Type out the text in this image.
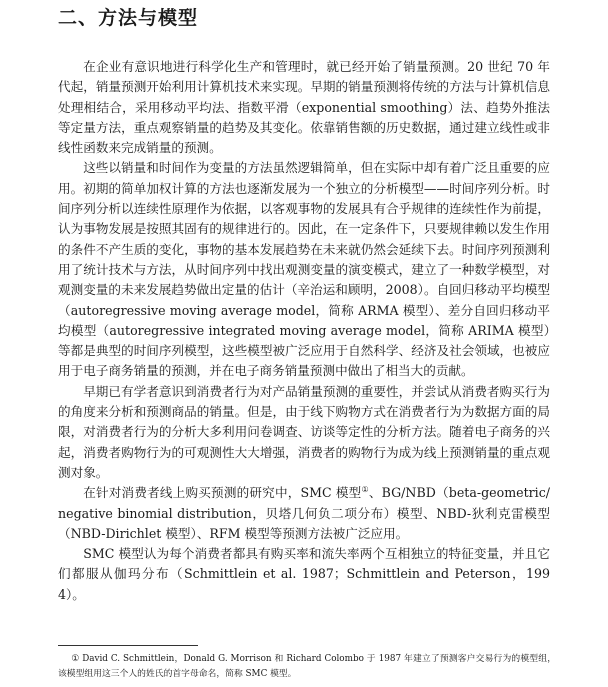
二、方法与模型

在企业有意识地进行科学化生产和管理时，就已经开始了销量预测。20 世纪 70 年代起，销量预测开始利用计算机技术来实现。早期的销量预测将传统的方法与计算机信息处理相结合，采用移动平均法、指数平滑（exponential smoothing）法、趋势外推法等定量方法，重点观察销量的趋势及其变化。依靠销售额的历史数据，通过建立线性或非线性函数来完成销量的预测。

这些以销量和时间作为变量的方法虽然逻辑简单，但在实际中却有着广泛且重要的应用。初期的简单加权计算的方法也逐渐发展为一个独立的分析模型——时间序列分析。时间序列分析以连续性原理作为依据，以客观事物的发展具有合乎规律的连续性作为前提，认为事物发展是按照其固有的规律进行的。因此，在一定条件下，只要规律赖以发生作用的条件不产生质的变化，事物的基本发展趋势在未来就仍然会延续下去。时间序列预测利用了统计技术与方法，从时间序列中找出观测变量的演变模式，建立了一种数学模型，对观测变量的未来发展趋势做出定量的估计（辛治运和顾明，2008）。自回归移动平均模型（autoregressive moving average model，简称 ARMA 模型）、差分自回归移动平均模型（autoregressive integrated moving average model，简称 ARIMA 模型）等都是典型的时间序列模型，这些模型被广泛应用于自然科学、经济及社会领域，也被应用于电子商务销量的预测，并在电子商务销量预测中做出了相当大的贡献。

早期已有学者意识到消费者行为对产品销量预测的重要性，并尝试从消费者购买行为的角度来分析和预测商品的销量。但是，由于线下购物方式在消费者行为为数据方面的局限，对消费者行为的分析大多利用问卷调查、访谈等定性的分析方法。随着电子商务的兴起，消费者购物行为的可观测性大大增强，消费者的购物行为成为线上预测销量的重点观测对象。

在针对消费者线上购买预测的研究中，SMC 模型①、BG/NBD（beta-geometric/negative binomial distribution，贝塔几何负二项分布）模型、NBD-狄利克雷模型（NBD-Dirichlet 模型）、RFM 模型等预测方法被广泛应用。

SMC 模型认为每个消费者都具有购买率和流失率两个互相独立的特征变量，并且它们都服从伽玛分布（Schmittlein et al. 1987；Schmittlein and Peterson，1994）。

① David C. Schmittlein，Donald G. Morrison 和 Richard Colombo 于 1987 年建立了预测客户交易行为的模型组，该模型组用这三个人的姓氏的首字母命名，简称 SMC 模型。
